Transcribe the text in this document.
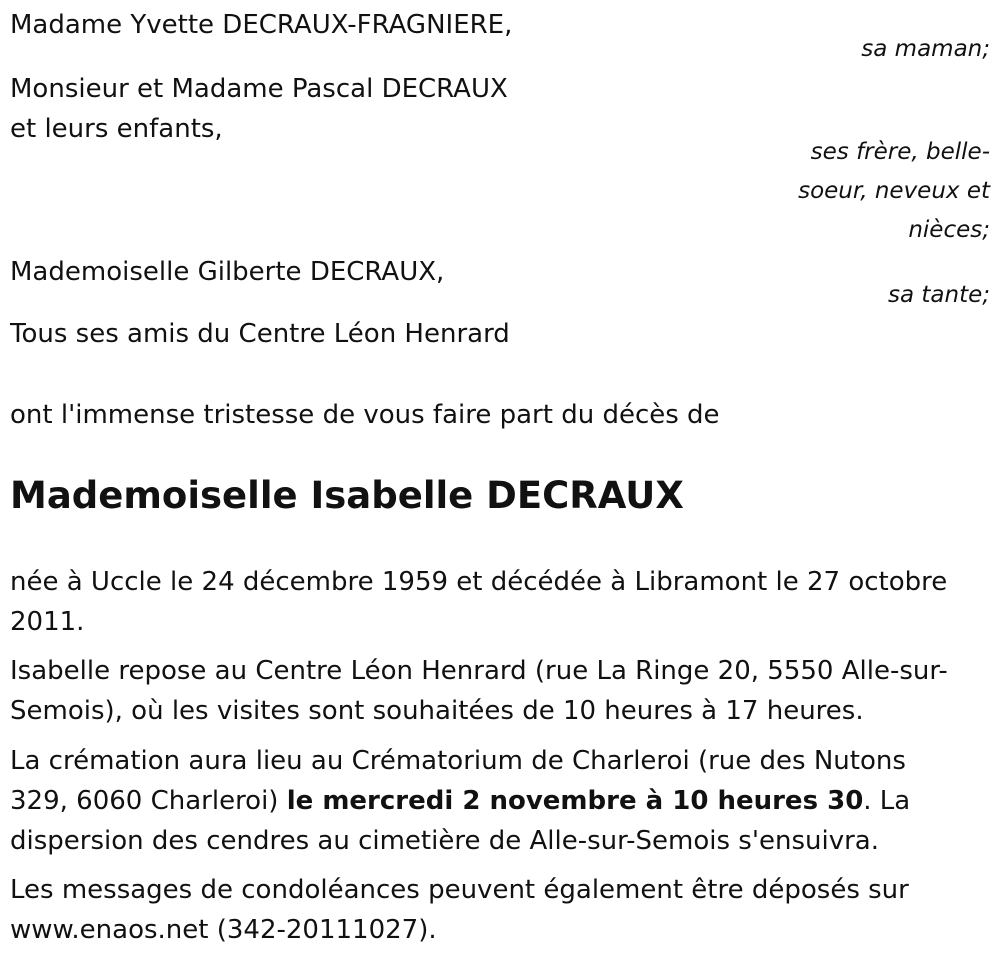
Madame Yvette DECRAUX-FRAGNIERE,
sa maman;
Monsieur et Madame Pascal DECRAUX
et leurs enfants,
ses frère, belle-
soeur, neveux et
nièces;
Mademoiselle Gilberte DECRAUX,
sa tante;
Tous ses amis du Centre Léon Henrard
ont l'immense tristesse de vous faire part du décès de
Mademoiselle Isabelle DECRAUX

née à Uccle le 24 décembre 1959 et décédée à Libramont le 27 octobre

2011.

Isabelle repose au Centre Léon Henrard (rue La Ringe 20, 5550 Alle-sur-

Semois), où les visites sont souhaitées de 10 heures à 17 heures.

La crémation aura lieu au Crématorium de Charleroi (rue des Nutons

329, 6060 Charleroi) le mercredi 2 novembre à 10 heures 30. La

dispersion des cendres au cimetière de Alle-sur-Semois s'ensuivra.

Les messages de condoléances peuvent également être déposés sur

www.enaos.net (342-20111027).
